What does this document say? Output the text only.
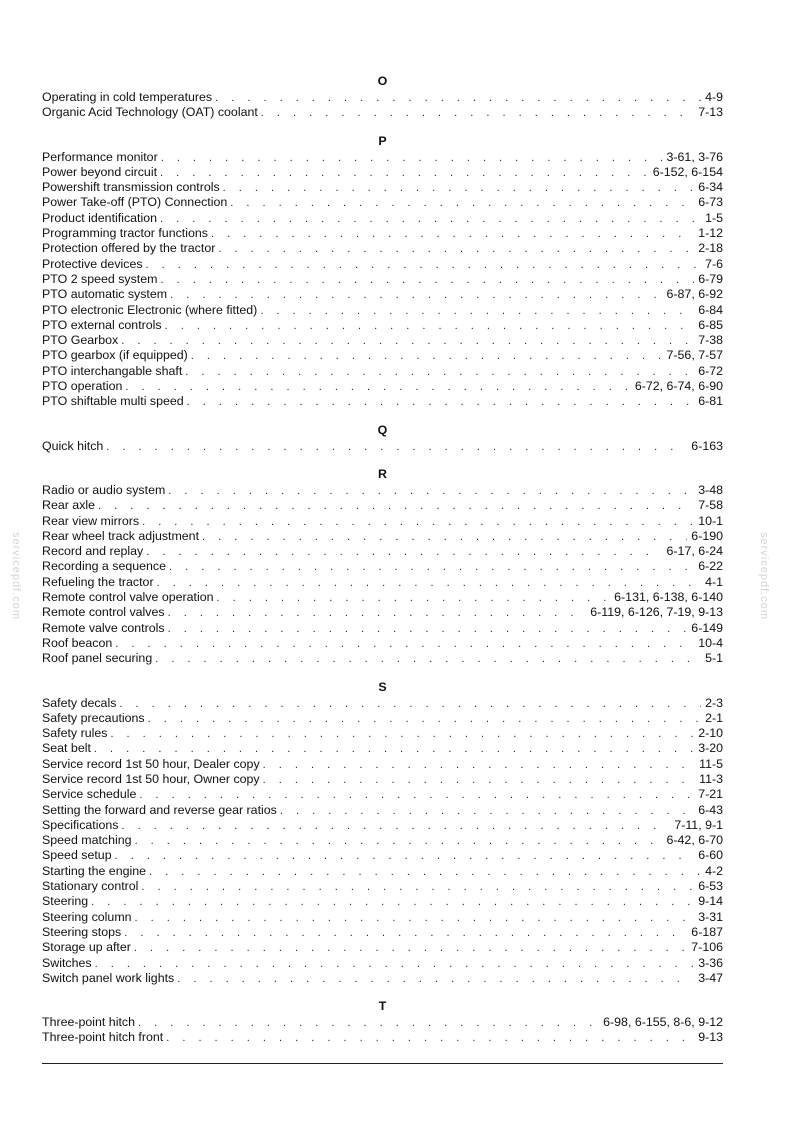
servicepdf.com	servicepdf.com
O
Operating in cold temperatures . . .	4-9
Organic Acid Technology (OAT) coolant . . .	7-13
P
Performance monitor . . .	3-61, 3-76
Power beyond circuit . . .	6-152, 6-154
Powershift transmission controls . . .	6-34
Power Take-off (PTO) Connection . . .	6-73
Product identification . . .	1-5
Programming tractor functions . . .	1-12
Protection offered by the tractor . . .	2-18
Protective devices . . .	7-6
PTO 2 speed system . . .	6-79
PTO automatic system . . .	6-87, 6-92
PTO electronic Electronic (where fitted) . . .	6-84
PTO external controls . . .	6-85
PTO Gearbox . . .	7-38
PTO gearbox (if equipped) . . .	7-56, 7-57
PTO interchangable shaft . . .	6-72
PTO operation . . .	6-72, 6-74, 6-90
PTO shiftable multi speed . . .	6-81
Q
Quick hitch . . .	6-163
R
Radio or audio system . . .	3-48
Rear axle . . .	7-58
Rear view mirrors . . .	10-1
Rear wheel track adjustment . . .	6-190
Record and replay . . .	6-17, 6-24
Recording a sequence . . .	6-22
Refueling the tractor . . .	4-1
Remote control valve operation . . .	6-131, 6-138, 6-140
Remote control valves . . .	6-119, 6-126, 7-19, 9-13
Remote valve controls . . .	6-149
Roof beacon . . .	10-4
Roof panel securing . . .	5-1
S
Safety decals . . .	2-3
Safety precautions . . .	2-1
Safety rules . . .	2-10
Seat belt . . .	3-20
Service record 1st 50 hour, Dealer copy . . .	11-5
Service record 1st 50 hour, Owner copy . . .	11-3
Service schedule . . .	7-21
Setting the forward and reverse gear ratios . . .	6-43
Specifications . . .	7-11, 9-1
Speed matching . . .	6-42, 6-70
Speed setup . . .	6-60
Starting the engine . . .	4-2
Stationary control . . .	6-53
Steering . . .	9-14
Steering column . . .	3-31
Steering stops . . .	6-187
Storage up after . . .	7-106
Switches . . .	3-36
Switch panel work lights . . .	3-47
T
Three-point hitch . . .	6-98, 6-155, 8-6, 9-12
Three-point hitch front . . .	9-13
